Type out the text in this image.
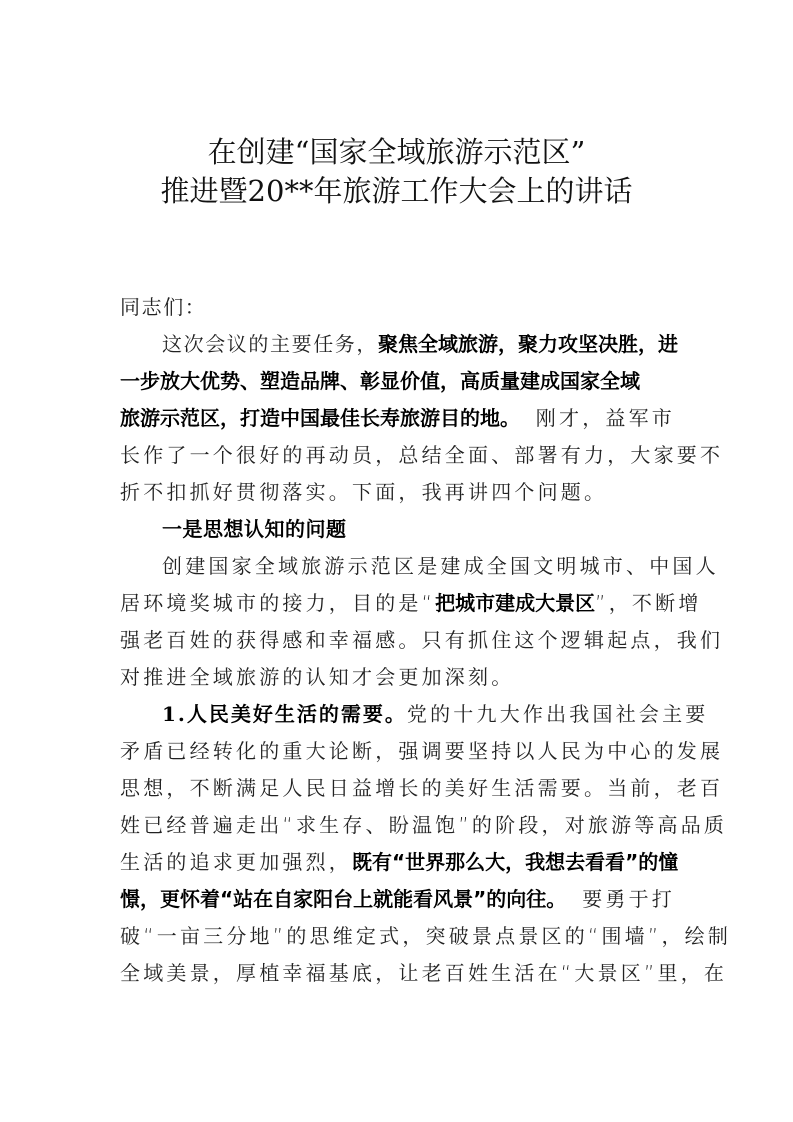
在创建“国家全域旅游示范区”
推进暨20**年旅游工作大会上的讲话
同志们：
这次会议的主要任务， 聚焦全域旅游，聚力攻坚决胜，进
一步放大优势、塑造品牌、彰显价值，高质量建成国家全域
旅游示范区，打造中国最佳长寿旅游目的地。 刚才，益军市
长作了一个很好的再动员，总结全面、部署有力，大家要不
折不扣抓好贯彻落实。下面，我再讲四个问题。
一是思想认知的问题
创建国家全域旅游示范区是建成全国文明城市、中国人
居环境奖城市的接力，目的是“把城市建成大景区 ”，不断增
强老百姓的获得感和幸福感。只有抓住这个逻辑起点，我们
对推进全域旅游的认知才会更加深刻。
1.人民美好生活的需要。 党的十九大作出我国社会主要
矛盾已经转化的重大论断，强调要坚持以人民为中心的发展
思想，不断满足人民日益增长的美好生活需要。当前，老百
姓已经普遍走出“求生存、盼温饱”的阶段，对旅游等高品质
生活的追求更加强烈， 既有“世界那么大，我想去看看”的憧
憬，更怀着“站在自家阳台上就能看风景”的向往。 要勇于打
破“一亩三分地”的思维定式，突破景点景区的“围墙”，绘制
全域美景，厚植幸福基底，让老百姓生活在“大景区”里，在
